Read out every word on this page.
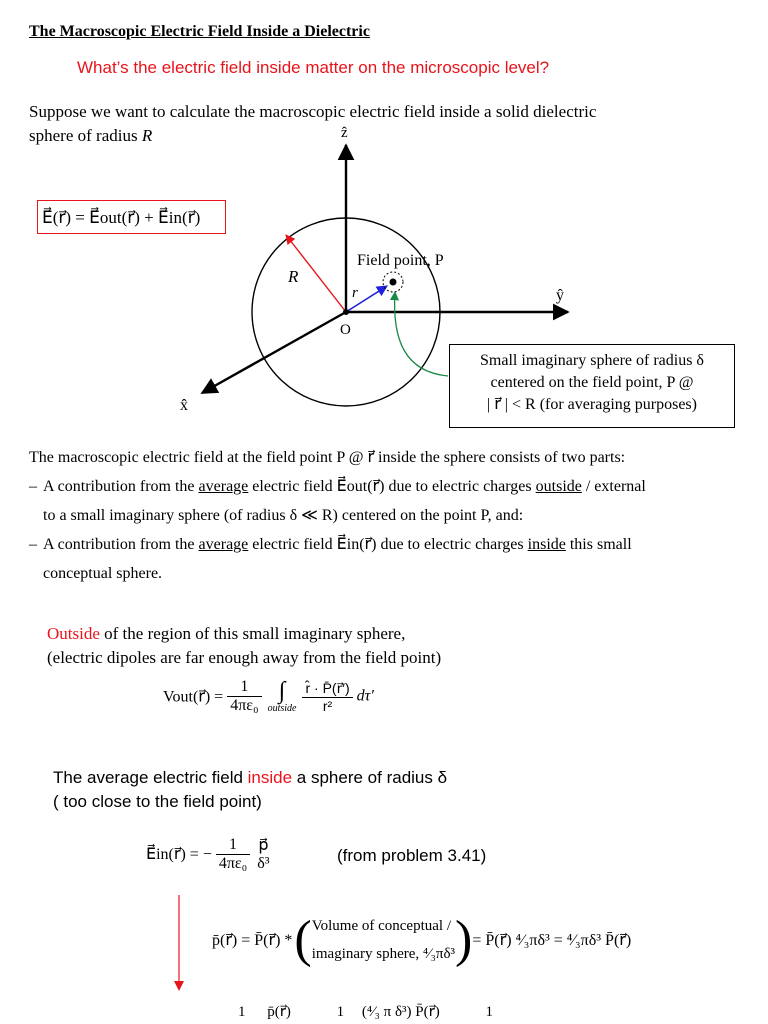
The Macroscopic Electric Field Inside a Dielectric
What’s the electric field inside matter on the microscopic level?
Suppose we want to calculate the macroscopic electric field inside a solid dielectric
sphere of radius R
E⃗(r⃗) = E⃗out(r⃗) + E⃗in(r⃗)
ẑ
ŷ
x̂
O
R
r⃗
Field point, P
Small imaginary sphere of radius δ
centered on the field point, P @
| r⃗ | < R (for averaging purposes)
The macroscopic electric field at the field point P @ r⃗ inside the sphere consists of two parts:
– A contribution from the average electric field E⃗out(r⃗) due to electric charges outside / external
to a small imaginary sphere (of radius δ ≪ R) centered on the point P, and:
– A contribution from the average electric field E⃗in(r⃗) due to electric charges inside this small
conceptual sphere.
Outside of the region of this small imaginary sphere,
(electric dipoles are far enough away from the field point)
Vout(r⃗) = $\frac{1}{\text{4πε₀}}$
∫
outside
$\frac{r̂ \cdot P̄(r⃗')}{\text{r²}} d\tau'$
The average electric field inside a sphere of radius δ
( too close to the field point)
E⃗in(r⃗) = − $\frac{1}{\text{4πε₀}}$
p⃗
δ³	(from problem 3.41)
p̄(r⃗) = P̄(r⃗) * ( Volume of conceptual /
imaginary sphere, ⁴⁄₃πδ³ ) = P̄(r⃗) ⁴⁄₃πδ³ = ⁴⁄₃πδ³ P̄(r⃗)
1 p̄(r⃗)	1 (⁴⁄₃ π δ³) P̄(r⃗)	1
